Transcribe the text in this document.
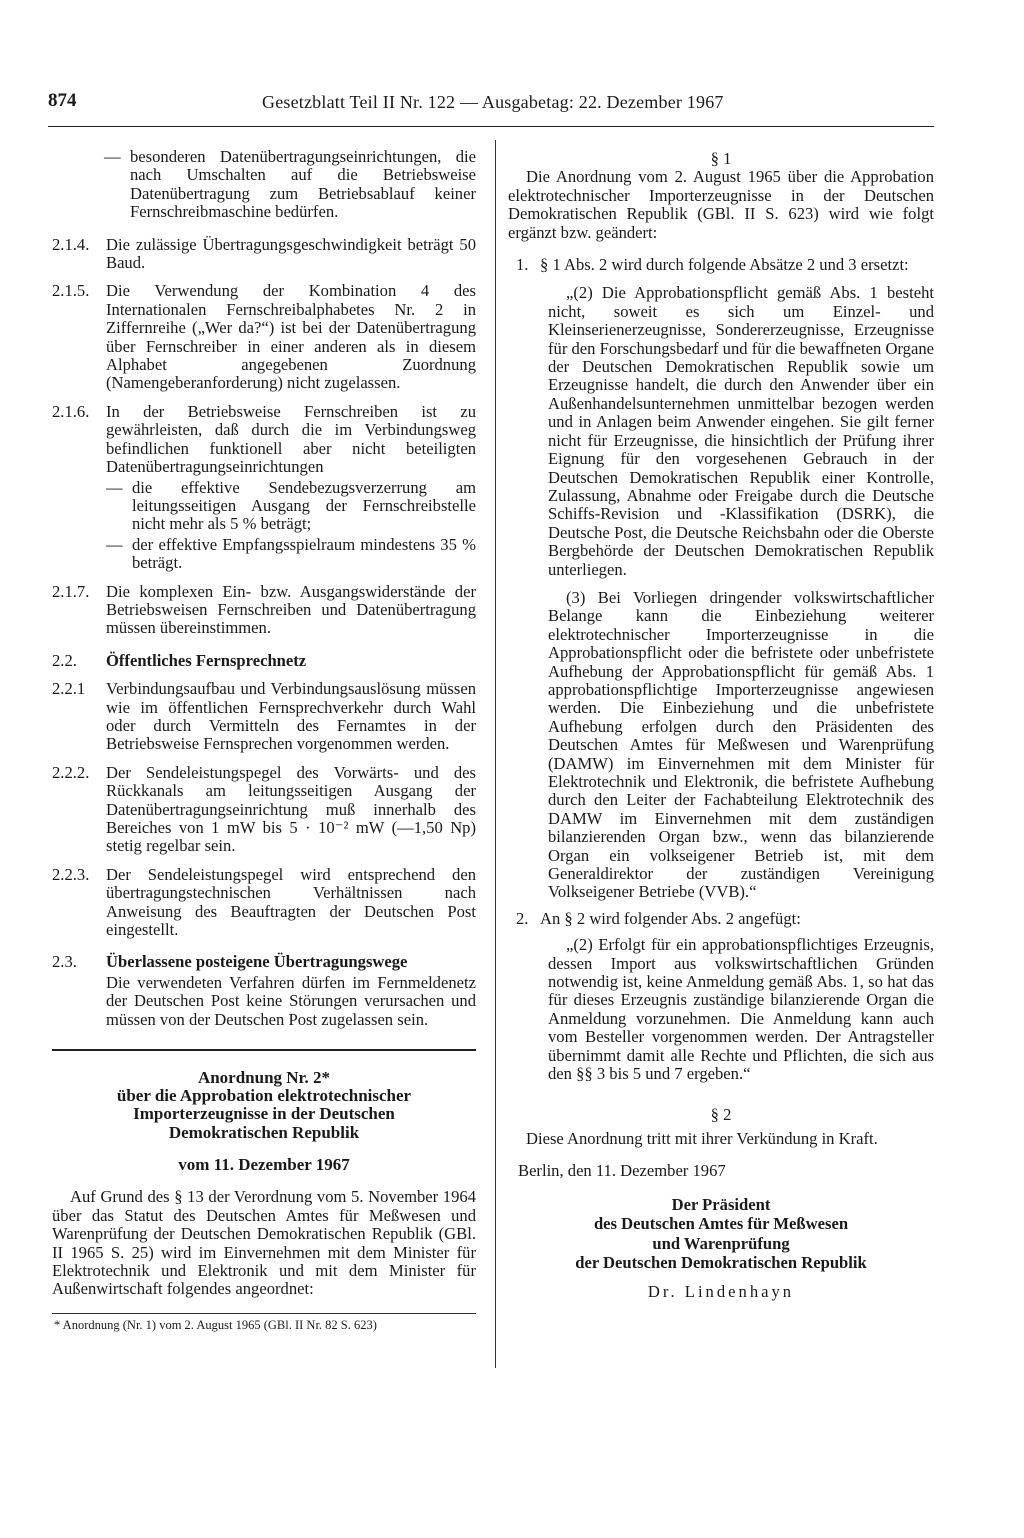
874	Gesetzblatt Teil II Nr. 122 — Ausgabetag: 22. Dezember 1967
— besonderen Datenübertragungseinrichtungen, die nach Umschalten auf die Betriebsweise Datenübertragung zum Betriebsablauf keiner Fernschreibmaschine bedürfen.
2.1.4. Die zulässige Übertragungsgeschwindigkeit beträgt 50 Baud.
2.1.5. Die Verwendung der Kombination 4 des Internationalen Fernschreibalphabetes Nr. 2 in Ziffernreihe („Wer da?“) ist bei der Datenübertragung über Fernschreiber in einer anderen als in diesem Alphabet angegebenen Zuordnung (Namengeberanforderung) nicht zugelassen.
2.1.6. In der Betriebsweise Fernschreiben ist zu gewährleisten, daß durch die im Verbindungsweg befindlichen funktionell aber nicht beteiligten Datenübertragungseinrichtungen
— die effektive Sendebezugsverzerrung am leitungsseitigen Ausgang der Fernschreibstelle nicht mehr als 5 % beträgt;
— der effektive Empfangsspielraum mindestens 35 % beträgt.
2.1.7. Die komplexen Ein- bzw. Ausgangswiderstände der Betriebsweisen Fernschreiben und Datenübertragung müssen übereinstimmen.
2.2. Öffentliches Fernsprechnetz
2.2.1 Verbindungsaufbau und Verbindungsauslösung müssen wie im öffentlichen Fernsprechverkehr durch Wahl oder durch Vermitteln des Fernamtes in der Betriebsweise Fernsprechen vorgenommen werden.
2.2.2. Der Sendeleistungspegel des Vorwärts- und des Rückkanals am leitungsseitigen Ausgang der Datenübertragungseinrichtung muß innerhalb des Bereiches von 1 mW bis 5 · 10⁻² mW (—1,50 Np) stetig regelbar sein.
2.2.3. Der Sendeleistungspegel wird entsprechend den übertragungstechnischen Verhältnissen nach Anweisung des Beauftragten der Deutschen Post eingestellt.
2.3. Überlassene posteigene Übertragungswege
Die verwendeten Verfahren dürfen im Fernmeldenetz der Deutschen Post keine Störungen verursachen und müssen von der Deutschen Post zugelassen sein.
Anordnung Nr. 2*
über die Approbation elektrotechnischer
Importerzeugnisse in der Deutschen
Demokratischen Republik
vom 11. Dezember 1967

Auf Grund des § 13 der Verordnung vom 5. November 1964 über das Statut des Deutschen Amtes für Meßwesen und Warenprüfung der Deutschen Demokratischen Republik (GBl. II 1965 S. 25) wird im Einvernehmen mit dem Minister für Elektrotechnik und Elektronik und mit dem Minister für Außenwirtschaft folgendes angeordnet:

* Anordnung (Nr. 1) vom 2. August 1965 (GBl. II Nr. 82 S. 623)
§ 1

Die Anordnung vom 2. August 1965 über die Approbation elektrotechnischer Importerzeugnisse in der Deutschen Demokratischen Republik (GBl. II S. 623) wird wie folgt ergänzt bzw. geändert:

1. § 1 Abs. 2 wird durch folgende Absätze 2 und 3 ersetzt:

„(2) Die Approbationspflicht gemäß Abs. 1 besteht nicht, soweit es sich um Einzel- und Kleinserienerzeugnisse, Sondererzeugnisse, Erzeugnisse für den Forschungsbedarf und für die bewaffneten Organe der Deutschen Demokratischen Republik sowie um Erzeugnisse handelt, die durch den Anwender über ein Außenhandelsunternehmen unmittelbar bezogen werden und in Anlagen beim Anwender eingehen. Sie gilt ferner nicht für Erzeugnisse, die hinsichtlich der Prüfung ihrer Eignung für den vorgesehenen Gebrauch in der Deutschen Demokratischen Republik einer Kontrolle, Zulassung, Abnahme oder Freigabe durch die Deutsche Schiffs-Revision und -Klassifikation (DSRK), die Deutsche Post, die Deutsche Reichsbahn oder die Oberste Bergbehörde der Deutschen Demokratischen Republik unterliegen.

(3) Bei Vorliegen dringender volkswirtschaftlicher Belange kann die Einbeziehung weiterer elektrotechnischer Importerzeugnisse in die Approbationspflicht oder die befristete oder unbefristete Aufhebung der Approbationspflicht für gemäß Abs. 1 approbationspflichtige Importerzeugnisse angewiesen werden. Die Einbeziehung und die unbefristete Aufhebung erfolgen durch den Präsidenten des Deutschen Amtes für Meßwesen und Warenprüfung (DAMW) im Einvernehmen mit dem Minister für Elektrotechnik und Elektronik, die befristete Aufhebung durch den Leiter der Fachabteilung Elektrotechnik des DAMW im Einvernehmen mit dem zuständigen bilanzierenden Organ bzw., wenn das bilanzierende Organ ein volkseigener Betrieb ist, mit dem Generaldirektor der zuständigen Vereinigung Volkseigener Betriebe (VVB).“

2. An § 2 wird folgender Abs. 2 angefügt:

„(2) Erfolgt für ein approbationspflichtiges Erzeugnis, dessen Import aus volkswirtschaftlichen Gründen notwendig ist, keine Anmeldung gemäß Abs. 1, so hat das für dieses Erzeugnis zuständige bilanzierende Organ die Anmeldung vorzunehmen. Die Anmeldung kann auch vom Besteller vorgenommen werden. Der Antragsteller übernimmt damit alle Rechte und Pflichten, die sich aus den §§ 3 bis 5 und 7 ergeben.“

§ 2

Diese Anordnung tritt mit ihrer Verkündung in Kraft.

Berlin, den 11. Dezember 1967

Der Präsident
des Deutschen Amtes für Meßwesen
und Warenprüfung
der Deutschen Demokratischen Republik
Dr. Lindenhayn
